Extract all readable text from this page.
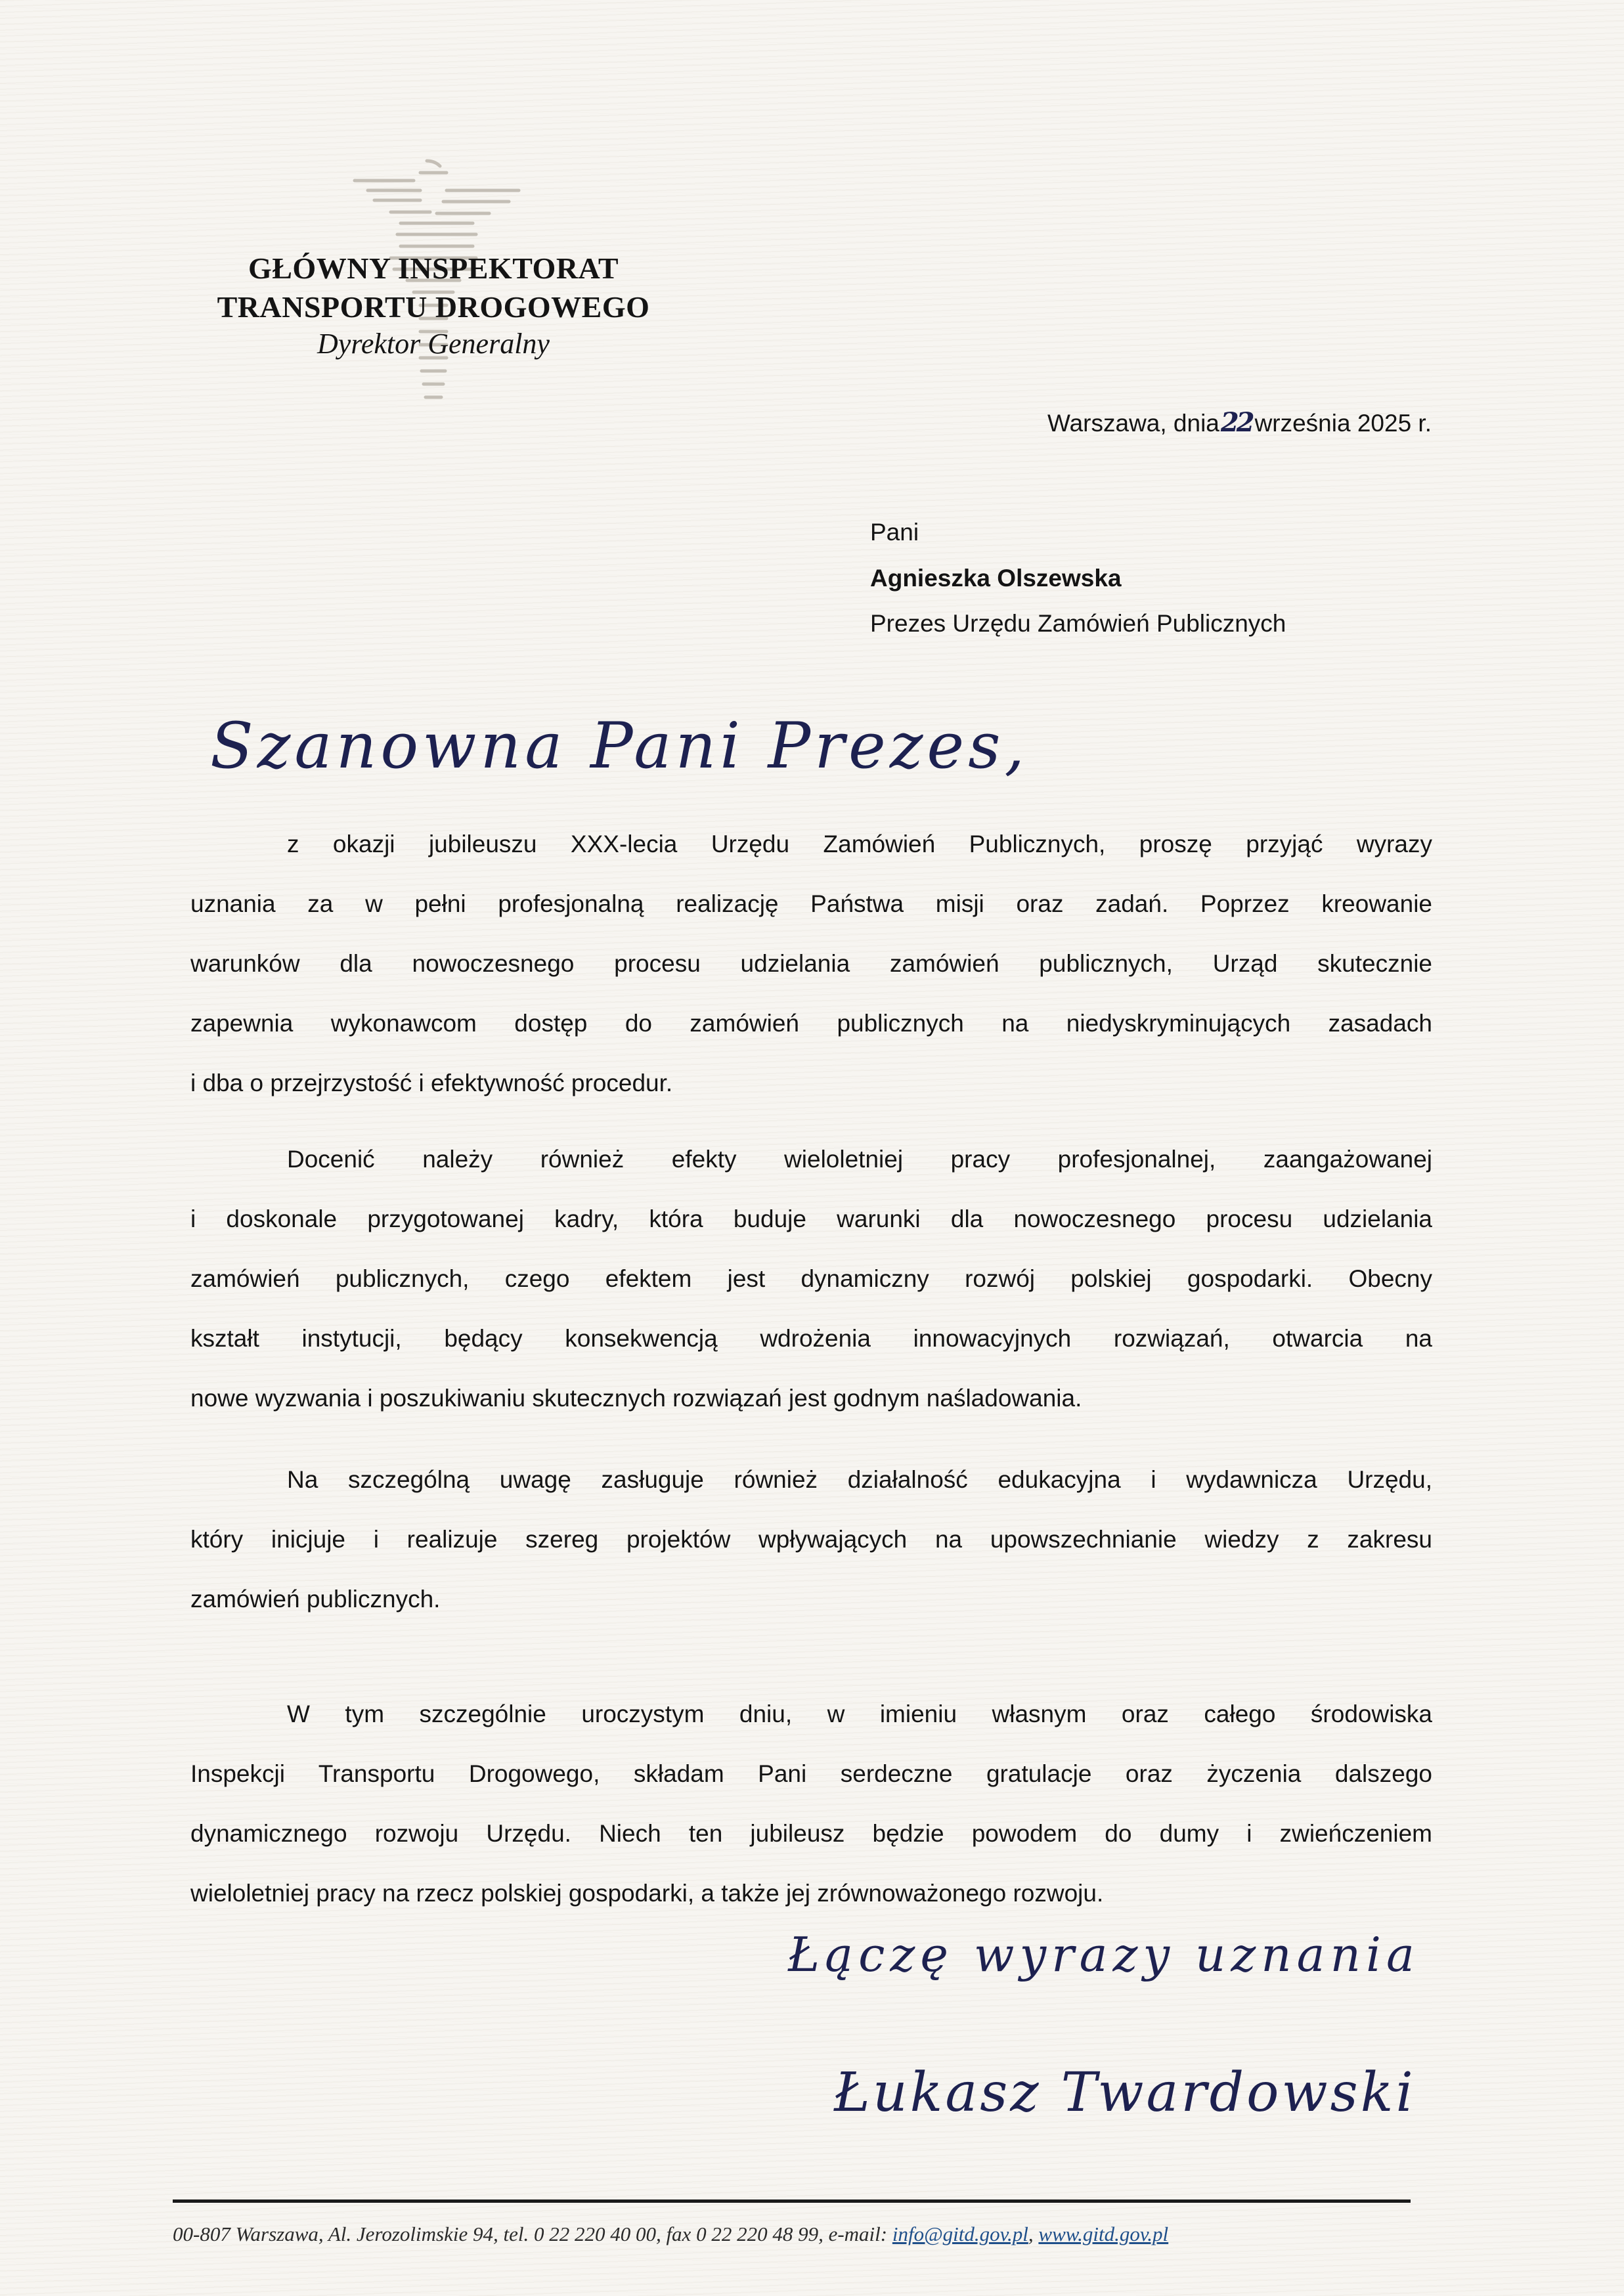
GŁÓWNY INSPEKTORAT
TRANSPORTU DROGOWEGO
Dyrektor Generalny
Warszawa, dnia22 września 2025 r.
Pani
Agnieszka Olszewska
Prezes Urzędu Zamówień Publicznych
Szanowna Pani Prezes,
z okazji jubileuszu XXX-lecia Urzędu Zamówień Publicznych, proszę przyjąć wyrazy
uznania za w pełni profesjonalną realizację Państwa misji oraz zadań. Poprzez kreowanie
warunków dla nowoczesnego procesu udzielania zamówień publicznych, Urząd skutecznie
zapewnia wykonawcom dostęp do zamówień publicznych na niedyskryminujących zasadach
i dba o przejrzystość i efektywność procedur.
Docenić należy również efekty wieloletniej pracy profesjonalnej, zaangażowanej
i doskonale przygotowanej kadry, która buduje warunki dla nowoczesnego procesu udzielania
zamówień publicznych, czego efektem jest dynamiczny rozwój polskiej gospodarki. Obecny
kształt instytucji, będący konsekwencją wdrożenia innowacyjnych rozwiązań, otwarcia na
nowe wyzwania i poszukiwaniu skutecznych rozwiązań jest godnym naśladowania.
Na szczególną uwagę zasługuje również działalność edukacyjna i wydawnicza Urzędu,
który inicjuje i realizuje szereg projektów wpływających na upowszechnianie wiedzy z zakresu
zamówień publicznych.
W tym szczególnie uroczystym dniu, w imieniu własnym oraz całego środowiska
Inspekcji Transportu Drogowego, składam Pani serdeczne gratulacje oraz życzenia dalszego
dynamicznego rozwoju Urzędu. Niech ten jubileusz będzie powodem do dumy i zwieńczeniem
wieloletniej pracy na rzecz polskiej gospodarki, a także jej zrównoważonego rozwoju.
Łączę wyrazy uznania
Łukasz Twardowski
00-807 Warszawa, Al. Jerozolimskie 94, tel. 0 22 220 40 00, fax 0 22 220 48 99, e-mail: info@gitd.gov.pl, www.gitd.gov.pl
